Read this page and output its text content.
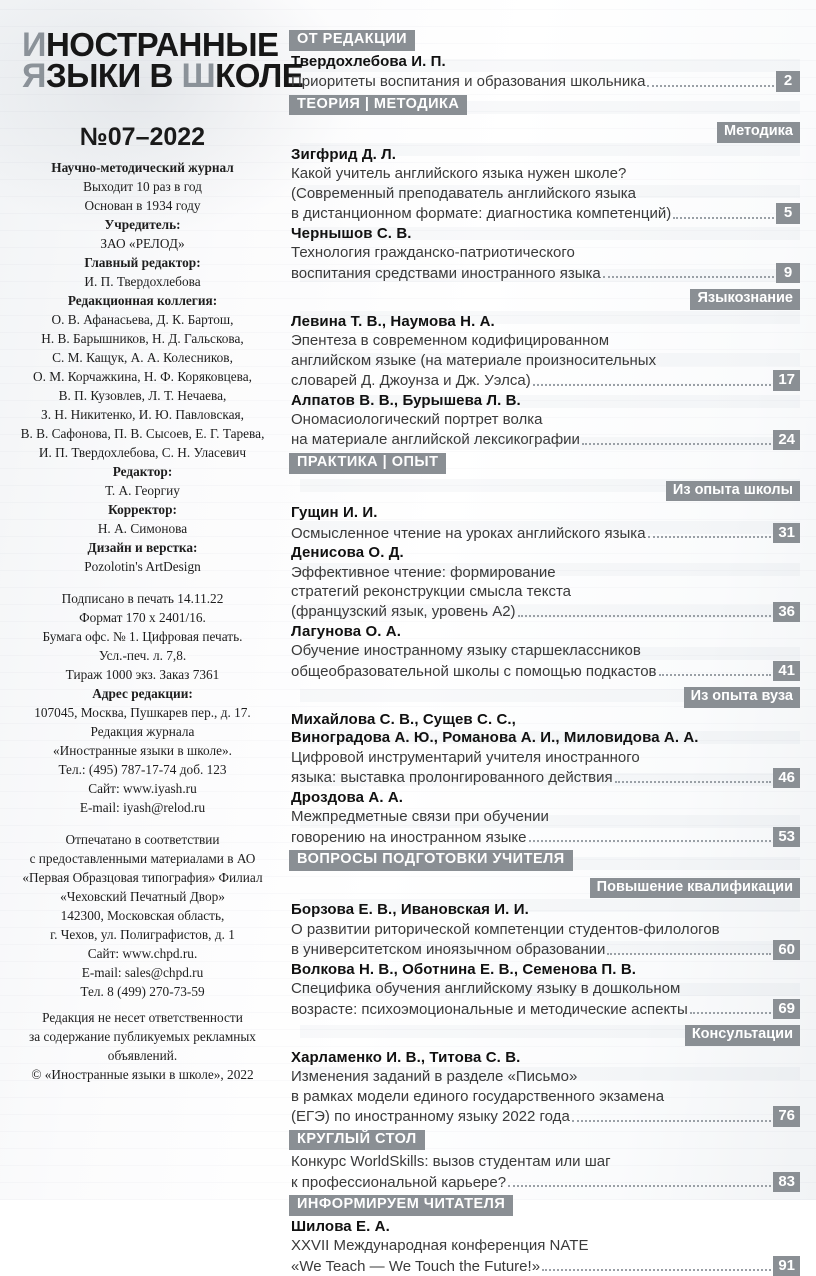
ИНОСТРАННЫЕ
ЯЗЫКИ В ШКОЛЕ
№07–2022
Научно-методический журнал
Выходит 10 раз в год
Основан в 1934 году
Учредитель:
ЗАО «РЕЛОД»
Главный редактор:
И. П. Твердохлебова
Редакционная коллегия:
О. В. Афанасьева, Д. К. Бартош,
Н. В. Барышников, Н. Д. Гальскова,
С. М. Кащук, А. А. Колесников,
О. М. Корчажкина, Н. Ф. Коряковцева,
В. П. Кузовлев, Л. Т. Нечаева,
З. Н. Никитенко, И. Ю. Павловская,
В. В. Сафонова, П. В. Сысоев, Е. Г. Тарева,
И. П. Твердохлебова, С. Н. Уласевич
Редактор:
Т. А. Георгиу
Корректор:
Н. А. Симонова
Дизайн и верстка:
Pozolotin's ArtDesign
Подписано в печать 14.11.22
Формат 170 x 2401/16.
Бумага офс. № 1. Цифровая печать.
Усл.-печ. л. 7,8.
Тираж 1000 экз. Заказ 7361
Адрес редакции:
107045, Москва, Пушкарев пер., д. 17.
Редакция журнала
«Иностранные языки в школе».
Тел.: (495) 787-17-74 доб. 123
Сайт: www.iyash.ru
E-mail: iyash@relod.ru
Отпечатано в соответствии
с предоставленными материалами в АО
«Первая Образцовая типография» Филиал
«Чеховский Печатный Двор»
142300, Московская область,
г. Чехов, ул. Полиграфистов, д. 1
Сайт: www.chpd.ru.
E-mail: sales@chpd.ru
Тел. 8 (499) 270-73-59
Редакция не несет ответственности
за содержание публикуемых рекламных
объявлений.
© «Иностранные языки в школе», 2022
ОТ РЕДАКЦИИ
Твердохлебова И. П.
Приоритеты воспитания и образования школьника	2
ТЕОРИЯ | МЕТОДИКА
Методика
Зигфрид Д. Л.
Какой учитель английского языка нужен школе?
(Современный преподаватель английского языка
в дистанционном формате: диагностика компетенций)	5
Чернышов С. В.
Технология гражданско-патриотического
воспитания средствами иностранного языка	9
Языкознание
Левина Т. В., Наумова Н. А.
Эпентеза в современном кодифицированном
английском языке (на материале произносительных
словарей Д. Джоунза и Дж. Уэлса)	17
Алпатов В. В., Бурышева Л. В.
Ономасиологический портрет волка
на материале английской лексикографии	24
ПРАКТИКА | ОПЫТ
Из опыта школы
Гущин И. И.
Осмысленное чтение на уроках английского языка	31
Денисова О. Д.
Эффективное чтение: формирование
стратегий реконструкции смысла текста
(французский язык, уровень А2)	36
Лагунова О. А.
Обучение иностранному языку старшеклассников
общеобразовательной школы с помощью подкастов	41
Из опыта вуза
Михайлова С. В., Сущев С. С.,
Виноградова А. Ю., Романова А. И., Миловидова А. А.
Цифровой инструментарий учителя иностранного
языка: выставка пролонгированного действия	46
Дроздова А. А.
Межпредметные связи при обучении
говорению на иностранном языке	53
ВОПРОСЫ ПОДГОТОВКИ УЧИТЕЛЯ
Повышение квалификации
Борзова Е. В., Ивановская И. И.
О развитии риторической компетенции студентов-филологов
в университетском иноязычном образовании	60
Волкова Н. В., Оботнина Е. В., Семенова П. В.
Специфика обучения английскому языку в дошкольном
возрасте: психоэмоциональные и методические аспекты	69
Консультации
Харламенко И. В., Титова С. В.
Изменения заданий в разделе «Письмо»
в рамках модели единого государственного экзамена
(ЕГЭ) по иностранному языку 2022 года	76
КРУГЛЫЙ СТОЛ
Конкурс WorldSkills: вызов студентам или шаг
к профессиональной карьере?	83
ИНФОРМИРУЕМ ЧИТАТЕЛЯ
Шилова Е. А.
XXVII Международная конференция NATE
«We Teach — We Touch the Future!»	91
